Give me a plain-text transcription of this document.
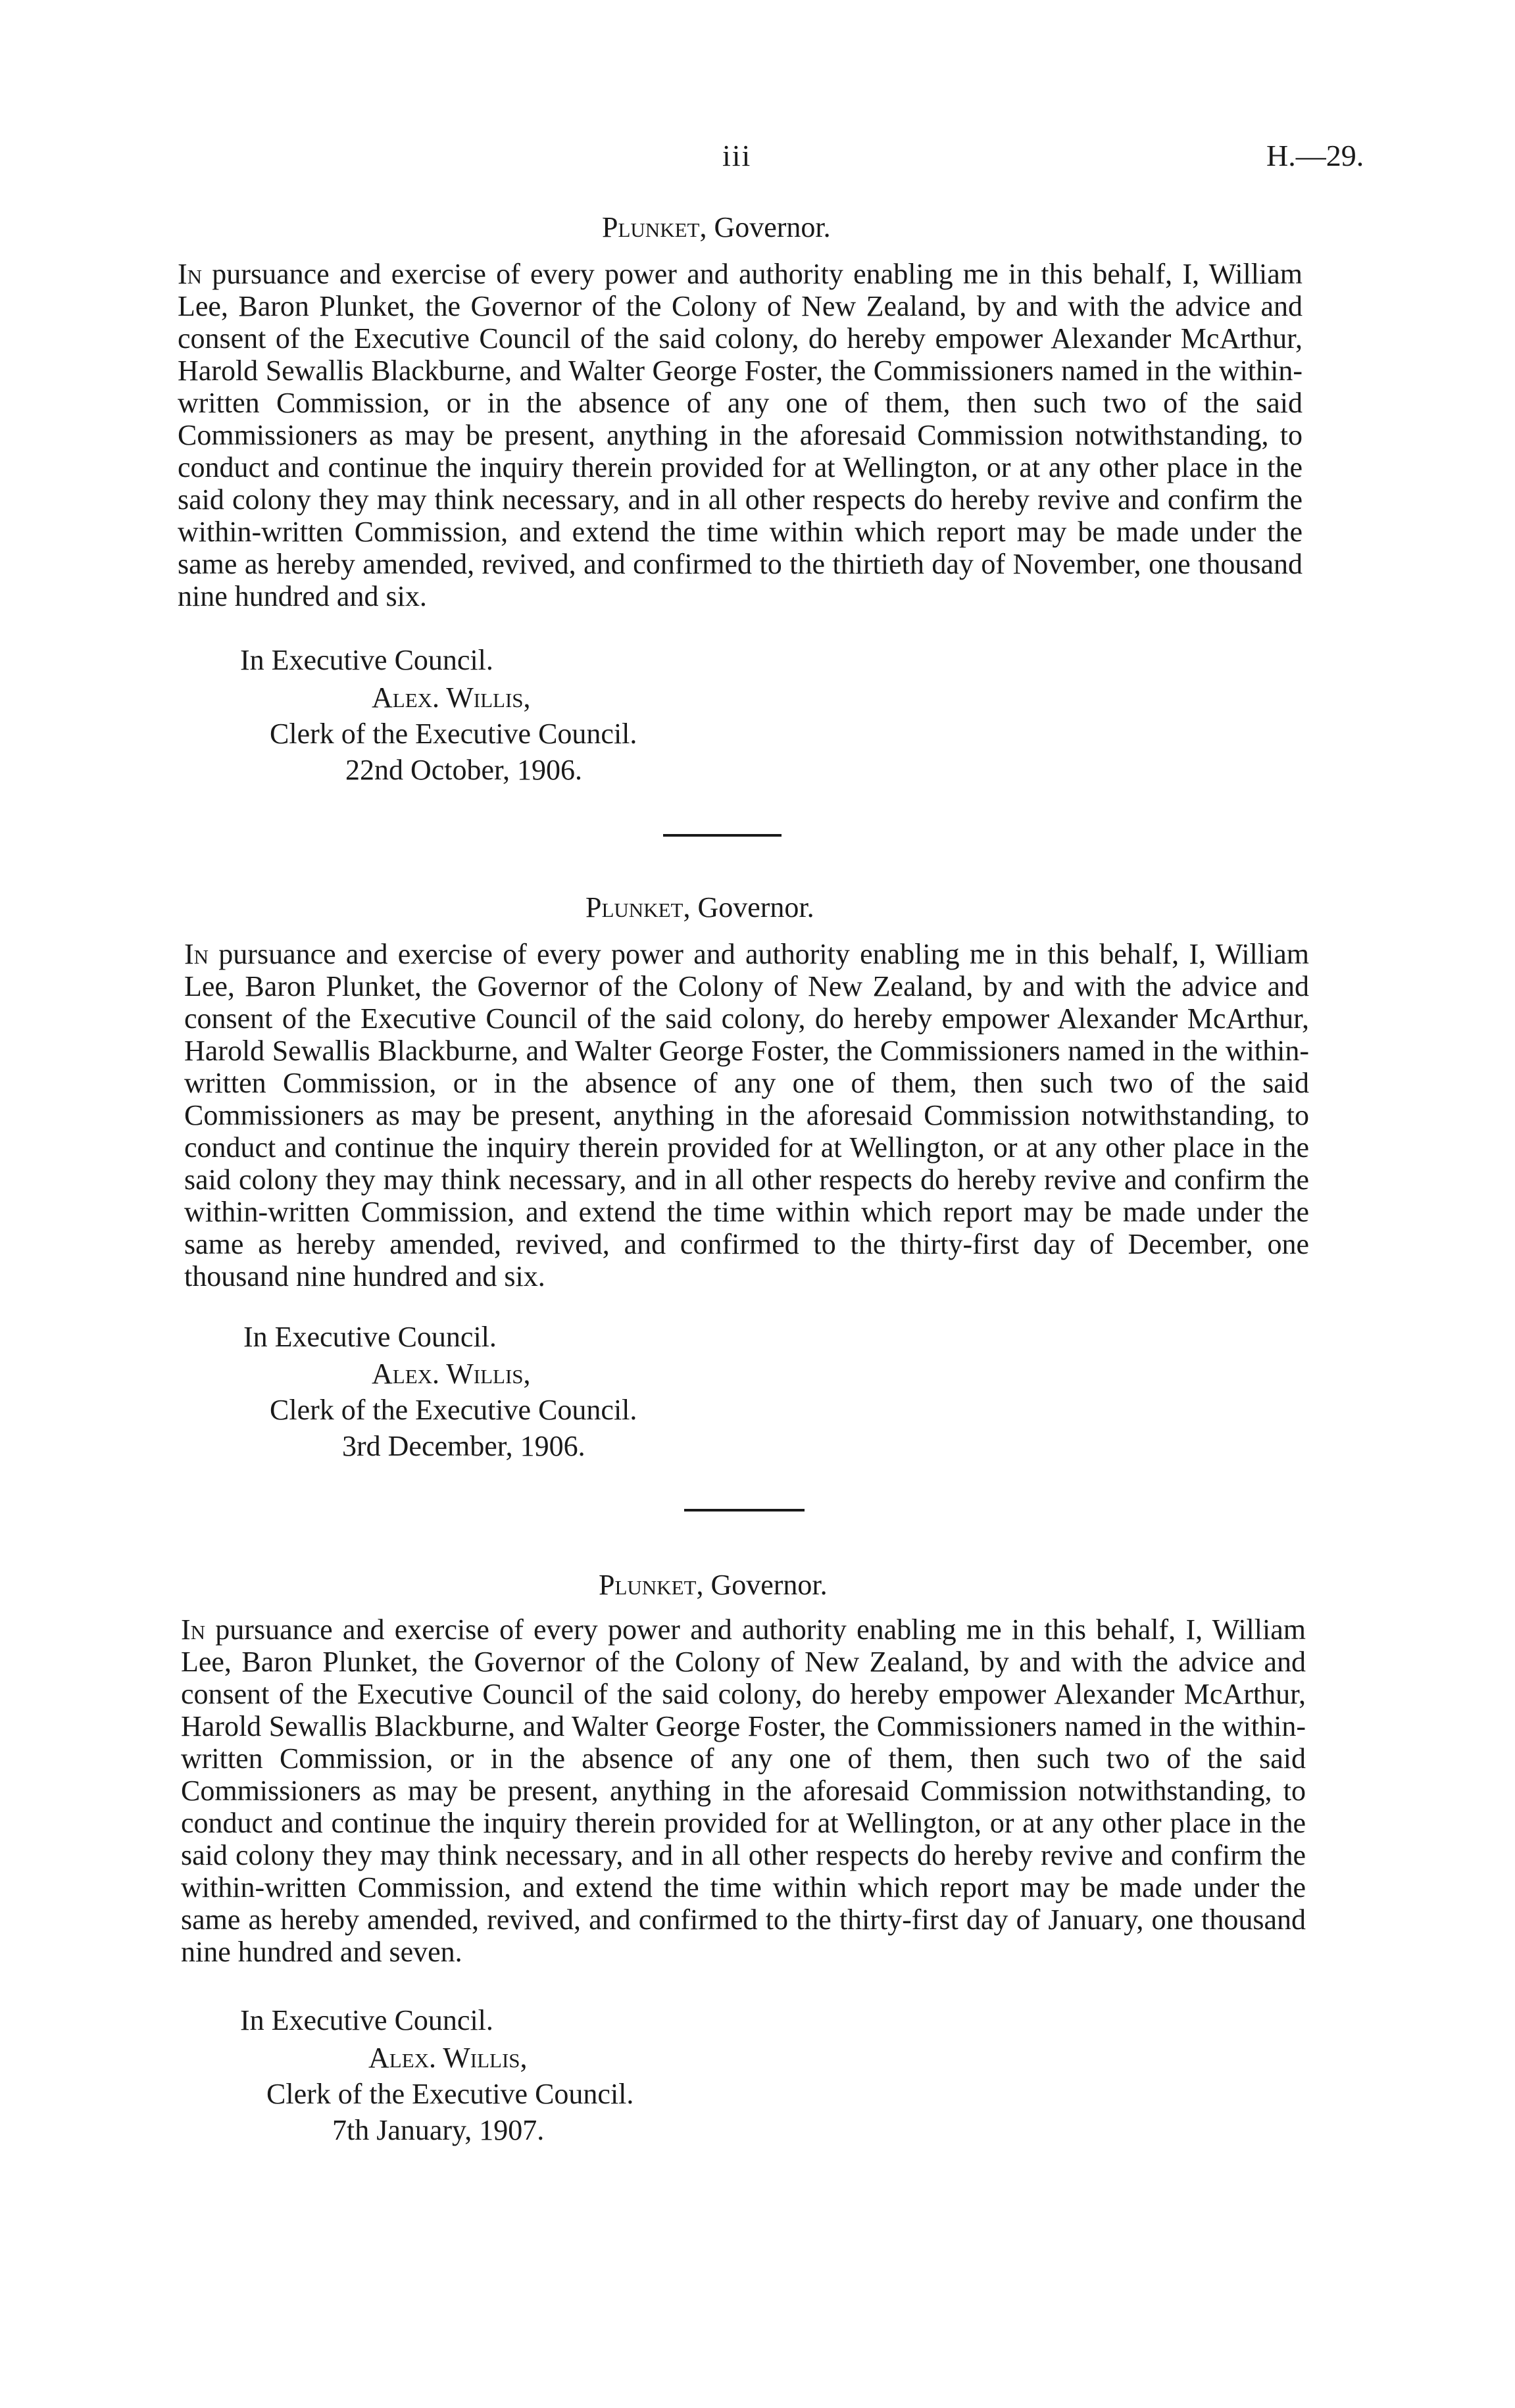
iii	H.—29.
Plunket, Governor.
In pursuance and exercise of every power and authority enabling me in this behalf, I, William Lee, Baron Plunket, the Governor of the Colony of New Zealand, by and with the advice and consent of the Executive Council of the said colony, do hereby empower Alexander McArthur, Harold Sewallis Blackburne, and Walter George Foster, the Commissioners named in the within-written Commission, or in the absence of any one of them, then such two of the said Commissioners as may be present, anything in the aforesaid Commission notwithstanding, to conduct and continue the inquiry therein provided for at Wellington, or at any other place in the said colony they may think necessary, and in all other respects do hereby revive and confirm the within-written Commission, and extend the time within which report may be made under the same as hereby amended, revived, and confirmed to the thirtieth day of November, one thousand nine hundred and six.
In Executive Council.
Alex. Willis,
Clerk of the Executive Council.
22nd October, 1906.
Plunket, Governor.
In pursuance and exercise of every power and authority enabling me in this behalf, I, William Lee, Baron Plunket, the Governor of the Colony of New Zealand, by and with the advice and consent of the Executive Council of the said colony, do hereby empower Alexander McArthur, Harold Sewallis Blackburne, and Walter George Foster, the Commissioners named in the within-written Commission, or in the absence of any one of them, then such two of the said Commissioners as may be present, anything in the aforesaid Commission notwithstanding, to conduct and continue the inquiry therein provided for at Wellington, or at any other place in the said colony they may think necessary, and in all other respects do hereby revive and confirm the within-written Commission, and extend the time within which report may be made under the same as hereby amended, revived, and confirmed to the thirty-first day of December, one thousand nine hundred and six.
In Executive Council.
Alex. Willis,
Clerk of the Executive Council.
3rd December, 1906.
Plunket, Governor.
In pursuance and exercise of every power and authority enabling me in this behalf, I, William Lee, Baron Plunket, the Governor of the Colony of New Zealand, by and with the advice and consent of the Executive Council of the said colony, do hereby empower Alexander McArthur, Harold Sewallis Blackburne, and Walter George Foster, the Commissioners named in the within-written Commission, or in the absence of any one of them, then such two of the said Commissioners as may be present, anything in the aforesaid Commission notwithstanding, to conduct and continue the inquiry therein provided for at Wellington, or at any other place in the said colony they may think necessary, and in all other respects do hereby revive and confirm the within-written Commission, and extend the time within which report may be made under the same as hereby amended, revived, and confirmed to the thirty-first day of January, one thousand nine hundred and seven.
In Executive Council.
Alex. Willis,
Clerk of the Executive Council.
7th January, 1907.
